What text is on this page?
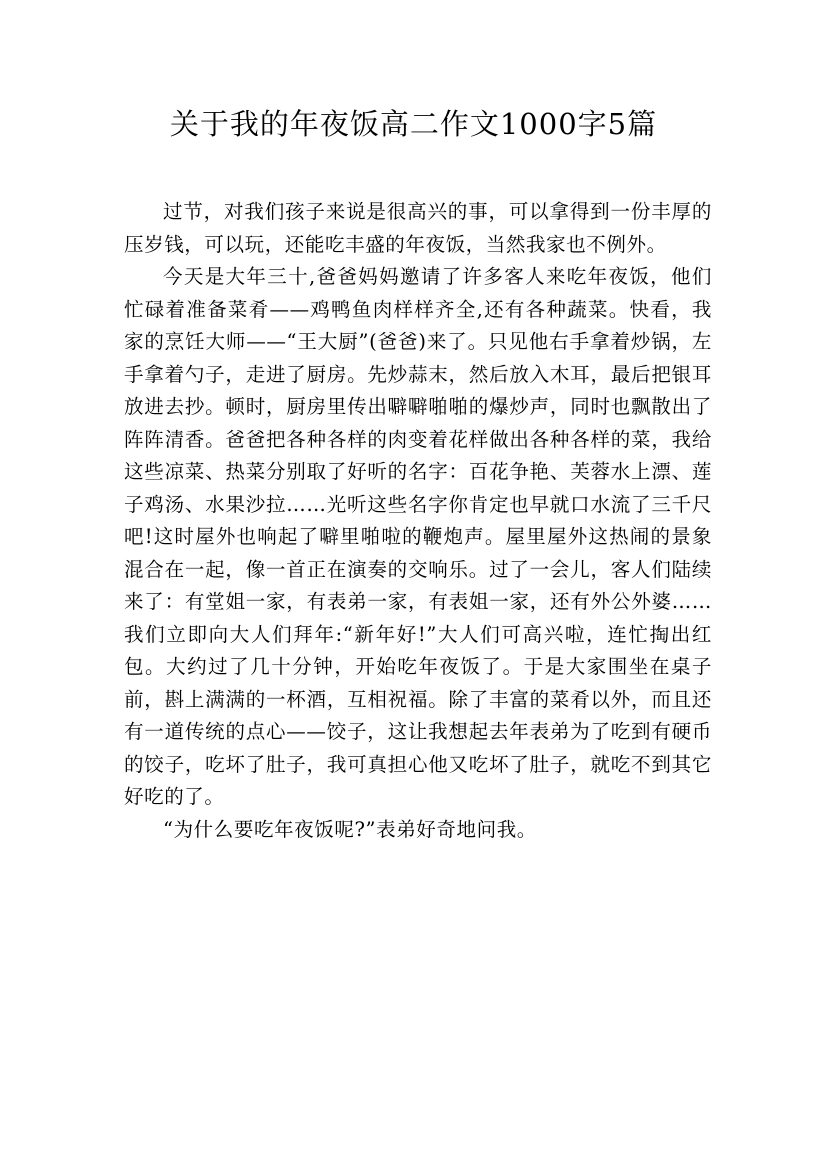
关于我的年夜饭高二作文1000字5篇

过节，对我们孩子来说是很高兴的事，可以拿得到一份丰厚的压岁钱，可以玩，还能吃丰盛的年夜饭，当然我家也不例外。

今天是大年三十,爸爸妈妈邀请了许多客人来吃年夜饭，他们忙碌着准备菜肴——鸡鸭鱼肉样样齐全,还有各种蔬菜。快看，我家的烹饪大师——“王大厨”(爸爸)来了。只见他右手拿着炒锅，左手拿着勺子，走进了厨房。先炒蒜末，然后放入木耳，最后把银耳放进去抄。顿时，厨房里传出噼噼啪啪的爆炒声，同时也飘散出了阵阵清香。爸爸把各种各样的肉变着花样做出各种各样的菜，我给这些凉菜、热菜分别取了好听的名字：百花争艳、芙蓉水上漂、莲子鸡汤、水果沙拉……光听这些名字你肯定也早就口水流了三千尺吧!这时屋外也响起了噼里啪啦的鞭炮声。屋里屋外这热闹的景象混合在一起，像一首正在演奏的交响乐。过了一会儿，客人们陆续来了：有堂姐一家，有表弟一家，有表姐一家，还有外公外婆……我们立即向大人们拜年:“新年好!”大人们可高兴啦，连忙掏出红包。大约过了几十分钟，开始吃年夜饭了。于是大家围坐在桌子前，斟上满满的一杯酒，互相祝福。除了丰富的菜肴以外，而且还有一道传统的点心——饺子，这让我想起去年表弟为了吃到有硬币的饺子，吃坏了肚子，我可真担心他又吃坏了肚子，就吃不到其它好吃的了。

“为什么要吃年夜饭呢?”表弟好奇地问我。
